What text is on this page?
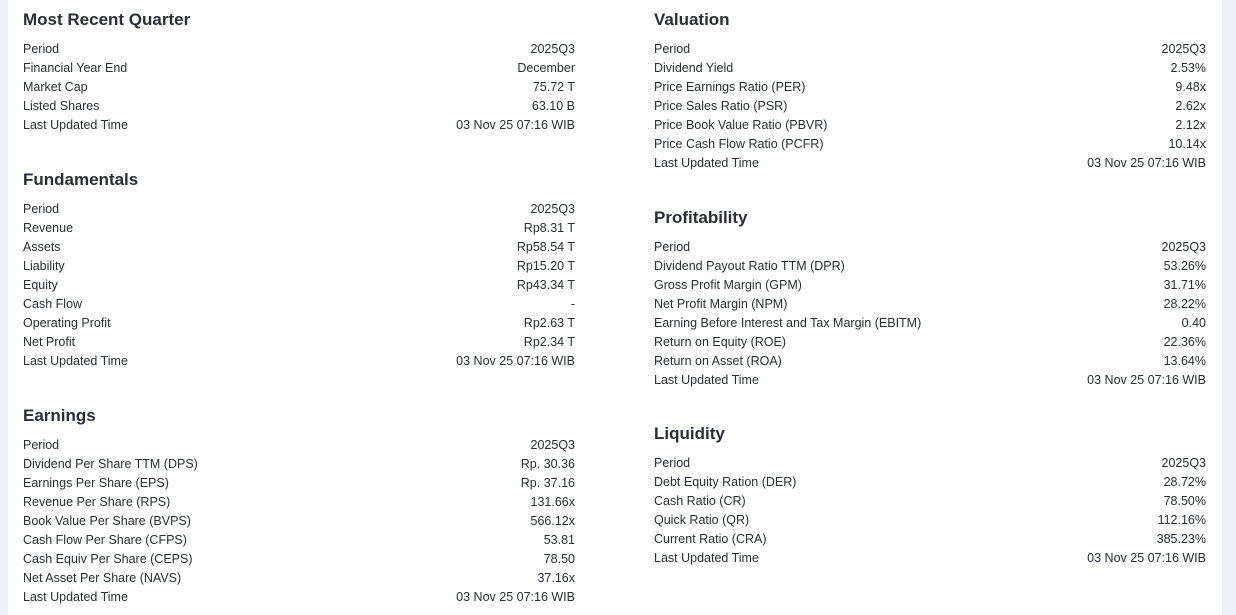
Most Recent Quarter
Period	2025Q3
Financial Year End	December
Market Cap	75.72 T
Listed Shares	63.10 B
Last Updated Time	03 Nov 25 07:16 WIB
Fundamentals
Period	2025Q3
Revenue	Rp8.31 T
Assets	Rp58.54 T
Liability	Rp15.20 T
Equity	Rp43.34 T
Cash Flow	-
Operating Profit	Rp2.63 T
Net Profit	Rp2.34 T
Last Updated Time	03 Nov 25 07:16 WIB
Earnings
Period	2025Q3
Dividend Per Share TTM (DPS)	Rp. 30.36
Earnings Per Share (EPS)	Rp. 37.16
Revenue Per Share (RPS)	131.66x
Book Value Per Share (BVPS)	566.12x
Cash Flow Per Share (CFPS)	53.81
Cash Equiv Per Share (CEPS)	78.50
Net Asset Per Share (NAVS)	37.16x
Last Updated Time	03 Nov 25 07:16 WIB
Valuation
Period	2025Q3
Dividend Yield	2.53%
Price Earnings Ratio (PER)	9.48x
Price Sales Ratio (PSR)	2.62x
Price Book Value Ratio (PBVR)	2.12x
Price Cash Flow Ratio (PCFR)	10.14x
Last Updated Time	03 Nov 25 07:16 WIB
Profitability
Period	2025Q3
Dividend Payout Ratio TTM (DPR)	53.26%
Gross Profit Margin (GPM)	31.71%
Net Profit Margin (NPM)	28.22%
Earning Before Interest and Tax Margin (EBITM)	0.40
Return on Equity (ROE)	22.36%
Return on Asset (ROA)	13.64%
Last Updated Time	03 Nov 25 07:16 WIB
Liquidity
Period	2025Q3
Debt Equity Ration (DER)	28.72%
Cash Ratio (CR)	78.50%
Quick Ratio (QR)	112.16%
Current Ratio (CRA)	385.23%
Last Updated Time	03 Nov 25 07:16 WIB
